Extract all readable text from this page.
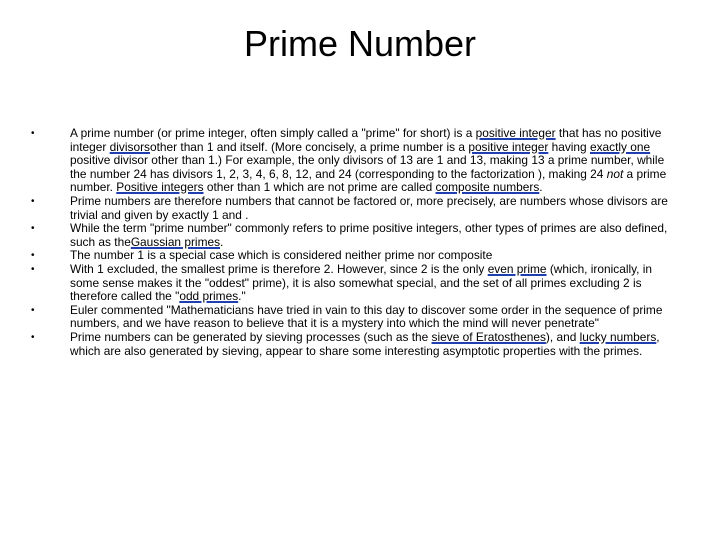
Prime Number
•	A prime number (or prime integer, often simply called a "prime" for short) is a positive integer that has no positive integer divisorsother than 1 and itself. (More concisely, a prime number is a positive integer having exactly one positive divisor other than 1.) For example, the only divisors of 13 are 1 and 13, making 13 a prime number, while the number 24 has divisors 1, 2, 3, 4, 6, 8, 12, and 24 (corresponding to the factorization ), making 24 not a prime number. Positive integers other than 1 which are not prime are called composite numbers.
•	Prime numbers are therefore numbers that cannot be factored or, more precisely, are numbers whose divisors are trivial and given by exactly 1 and .
•	While the term "prime number" commonly refers to prime positive integers, other types of primes are also defined, such as theGaussian primes.
•	The number 1 is a special case which is considered neither prime nor composite
•	With 1 excluded, the smallest prime is therefore 2. However, since 2 is the only even prime (which, ironically, in some sense makes it the "oddest" prime), it is also somewhat special, and the set of all primes excluding 2 is therefore called the "odd primes."
•	Euler commented "Mathematicians have tried in vain to this day to discover some order in the sequence of prime numbers, and we have reason to believe that it is a mystery into which the mind will never penetrate"
•	Prime numbers can be generated by sieving processes (such as the sieve of Eratosthenes), and lucky numbers, which are also generated by sieving, appear to share some interesting asymptotic properties with the primes.
